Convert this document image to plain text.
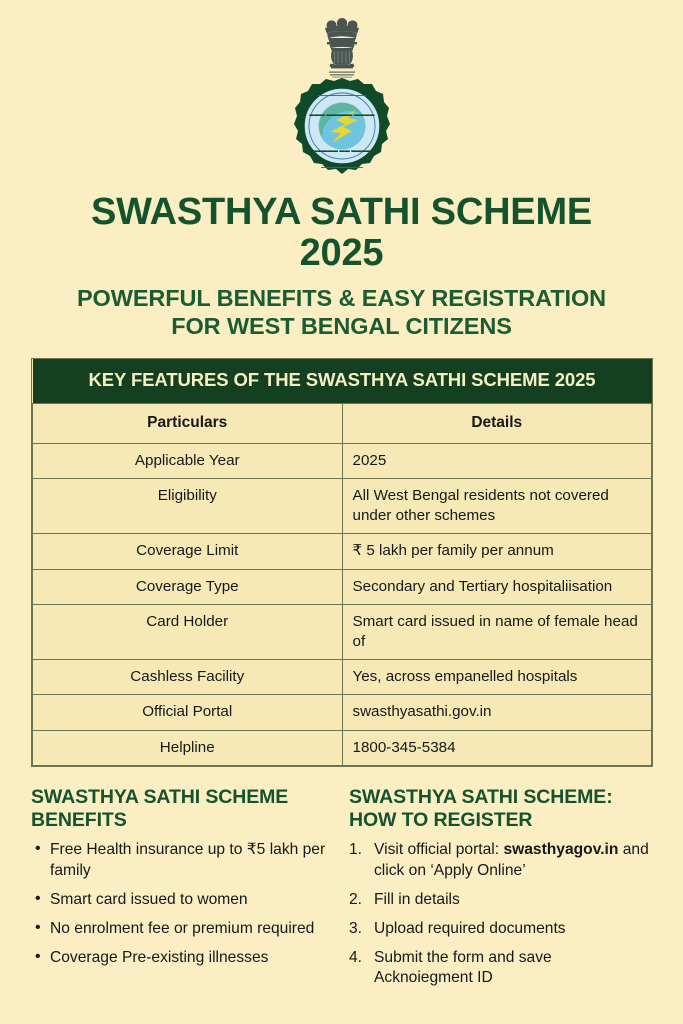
▬▬▬ ▬▬▬▬▬ ▬▬▬▬
▬▬▬▬▬ ▬▬ ▬▬▬▬
▬▬▬▬▬▬▬▬▬▬▬▬▬▬▬▬
▬▬▬▬▬▬▬▬▬▬▬▬▬▬
SWASTHYA SATHI SCHEME
2025
POWERFUL BENEFITS & EASY REGISTRATION
FOR WEST BENGAL CITIZENS
KEY FEATURES OF THE SWASTHYA SATHI SCHEME 2025	
Particulars	Details
Applicable Year	2025
Eligibility	All West Bengal residents not covered under other schemes
Coverage Limit	₹ 5 lakh per family per annum
Coverage Type	Secondary and Tertiary hospitaliisation
Card Holder	Smart card issued in name of female head of
Cashless Facility	Yes, across empanelled hospitals
Official Portal	swasthyasathi.gov.in
Helpline	1800-345-5384
SWASTHYA SATHI SCHEME
BENEFITS
• Free Health insurance up to ₹5 lakh per family
• Smart card issued to women
• No enrolment fee or premium required
• Coverage Pre-existing illnesses
SWASTHYA SATHI SCHEME:
HOW TO REGISTER
1. Visit official portal: swasthyagov.in and click on ‘Apply Online’
2. Fill in details
3. Upload required documents
4. Submit the form and save Acknoiegment ID
